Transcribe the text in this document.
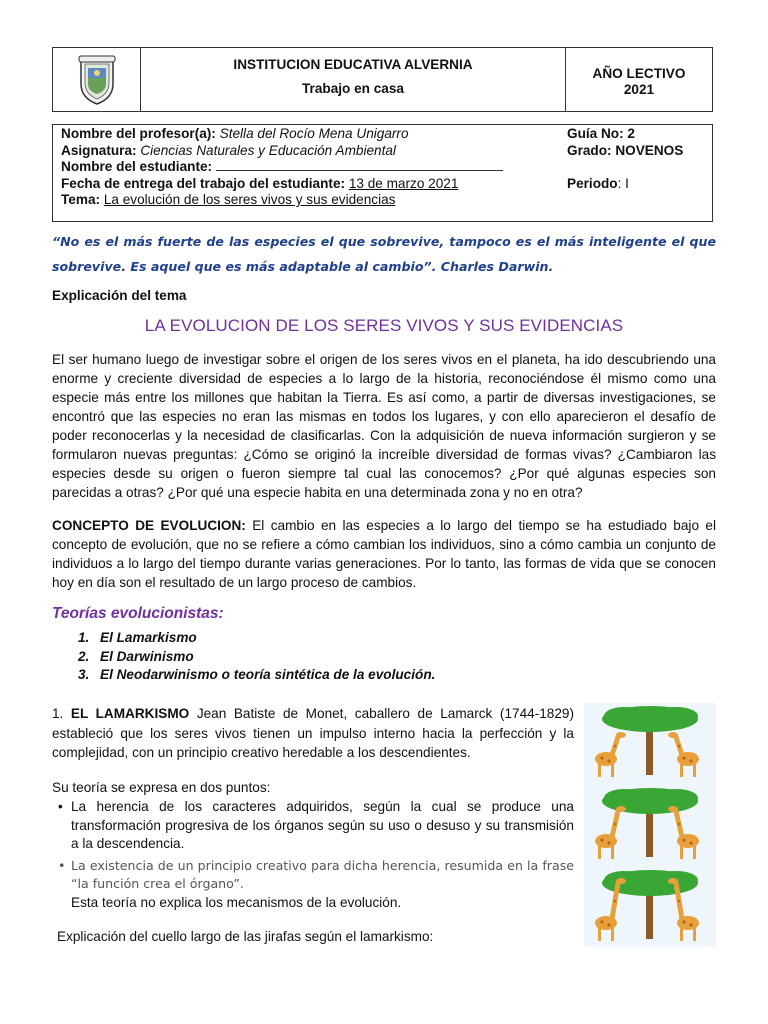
INSTITUCION EDUCATIVA ALVERNIA
Trabajo en casa
AÑO LECTIVO
2021
Nombre del profesor(a): Stella del Rocío Mena Unigarro	Guía No: 2
Asignatura: Ciencias Naturales y Educación Ambiental	Grado: NOVENOS
Nombre del estudiante:
Fecha de entrega del trabajo del estudiante: 13 de marzo 2021	Periodo: I
Tema: La evolución de los seres vivos y sus evidencias
“No es el más fuerte de las especies el que sobrevive, tampoco es el más inteligente el que sobrevive. Es aquel que es más adaptable al cambio”. Charles Darwin.
Explicación del tema
LA EVOLUCION DE LOS SERES VIVOS Y SUS EVIDENCIAS
El ser humano luego de investigar sobre el origen de los seres vivos en el planeta, ha ido descubriendo una enorme y creciente diversidad de especies a lo largo de la historia, reconociéndose él mismo como una especie más entre los millones que habitan la Tierra. Es así como, a partir de diversas investigaciones, se encontró que las especies no eran las mismas en todos los lugares, y con ello aparecieron el desafío de poder reconocerlas y la necesidad de clasificarlas. Con la adquisición de nueva información surgieron y se formularon nuevas preguntas: ¿Cómo se originó la increíble diversidad de formas vivas? ¿Cambiaron las especies desde su origen o fueron siempre tal cual las conocemos? ¿Por qué algunas especies son parecidas a otras? ¿Por qué una especie habita en una determinada zona y no en otra?
CONCEPTO DE EVOLUCION: El cambio en las especies a lo largo del tiempo se ha estudiado bajo el concepto de evolución, que no se refiere a cómo cambian los individuos, sino a cómo cambia un conjunto de individuos a lo largo del tiempo durante varias generaciones. Por lo tanto, las formas de vida que se conocen hoy en día son el resultado de un largo proceso de cambios.
Teorías evolucionistas:
1. El Lamarkismo
2. El Darwinismo
3. El Neodarwinismo o teoría sintética de la evolución.
1. EL LAMARKISMO Jean Batiste de Monet, caballero de Lamarck (1744-1829) estableció que los seres vivos tienen un impulso interno hacia la perfección y la complejidad, con un principio creativo heredable a los descendientes.
Su teoría se expresa en dos puntos:
• La herencia de los caracteres adquiridos, según la cual se produce una transformación progresiva de los órganos según su uso o desuso y su transmisión a la descendencia.
• La existencia de un principio creativo para dicha herencia, resumida en la frase “la función crea el órgano”.
Esta teoría no explica los mecanismos de la evolución.
Explicación del cuello largo de las jirafas según el lamarkismo:
